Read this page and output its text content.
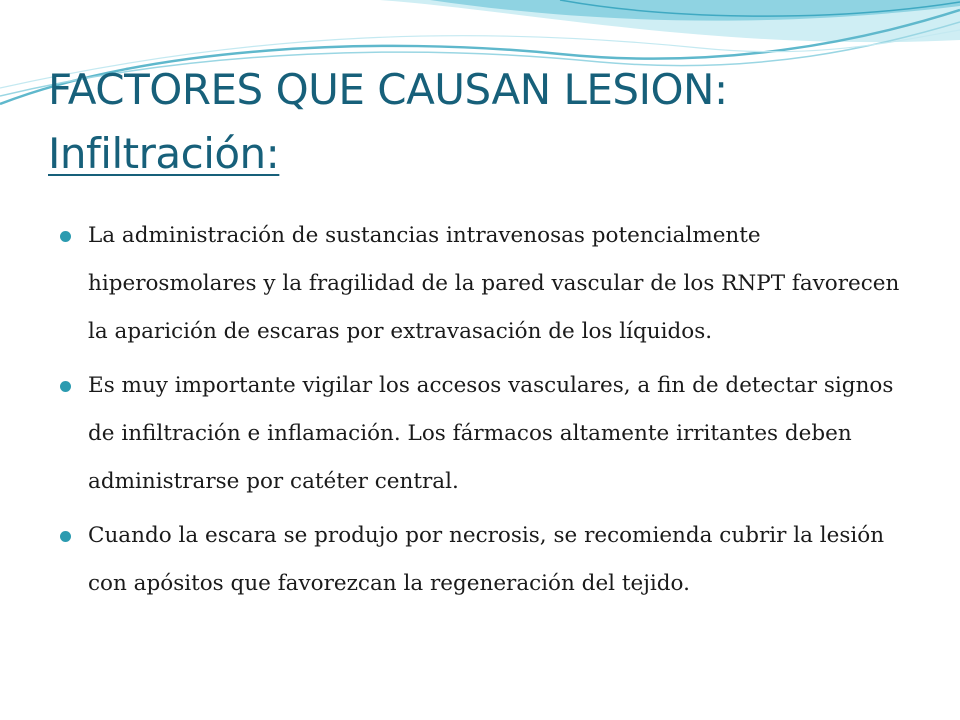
FACTORES QUE CAUSAN LESION:
Infiltración:
La administración de sustancias intravenosas potencialmente hiperosmolares y la fragilidad de la pared vascular de los RNPT favorecen la aparición de escaras por extravasación de los líquidos.
Es muy importante vigilar los accesos vasculares, a fin de detectar signos de infiltración e inflamación. Los fármacos altamente irritantes deben administrarse por catéter central.
Cuando la escara se produjo por necrosis, se recomienda cubrir la lesión con apósitos que favorezcan la regeneración del tejido.
